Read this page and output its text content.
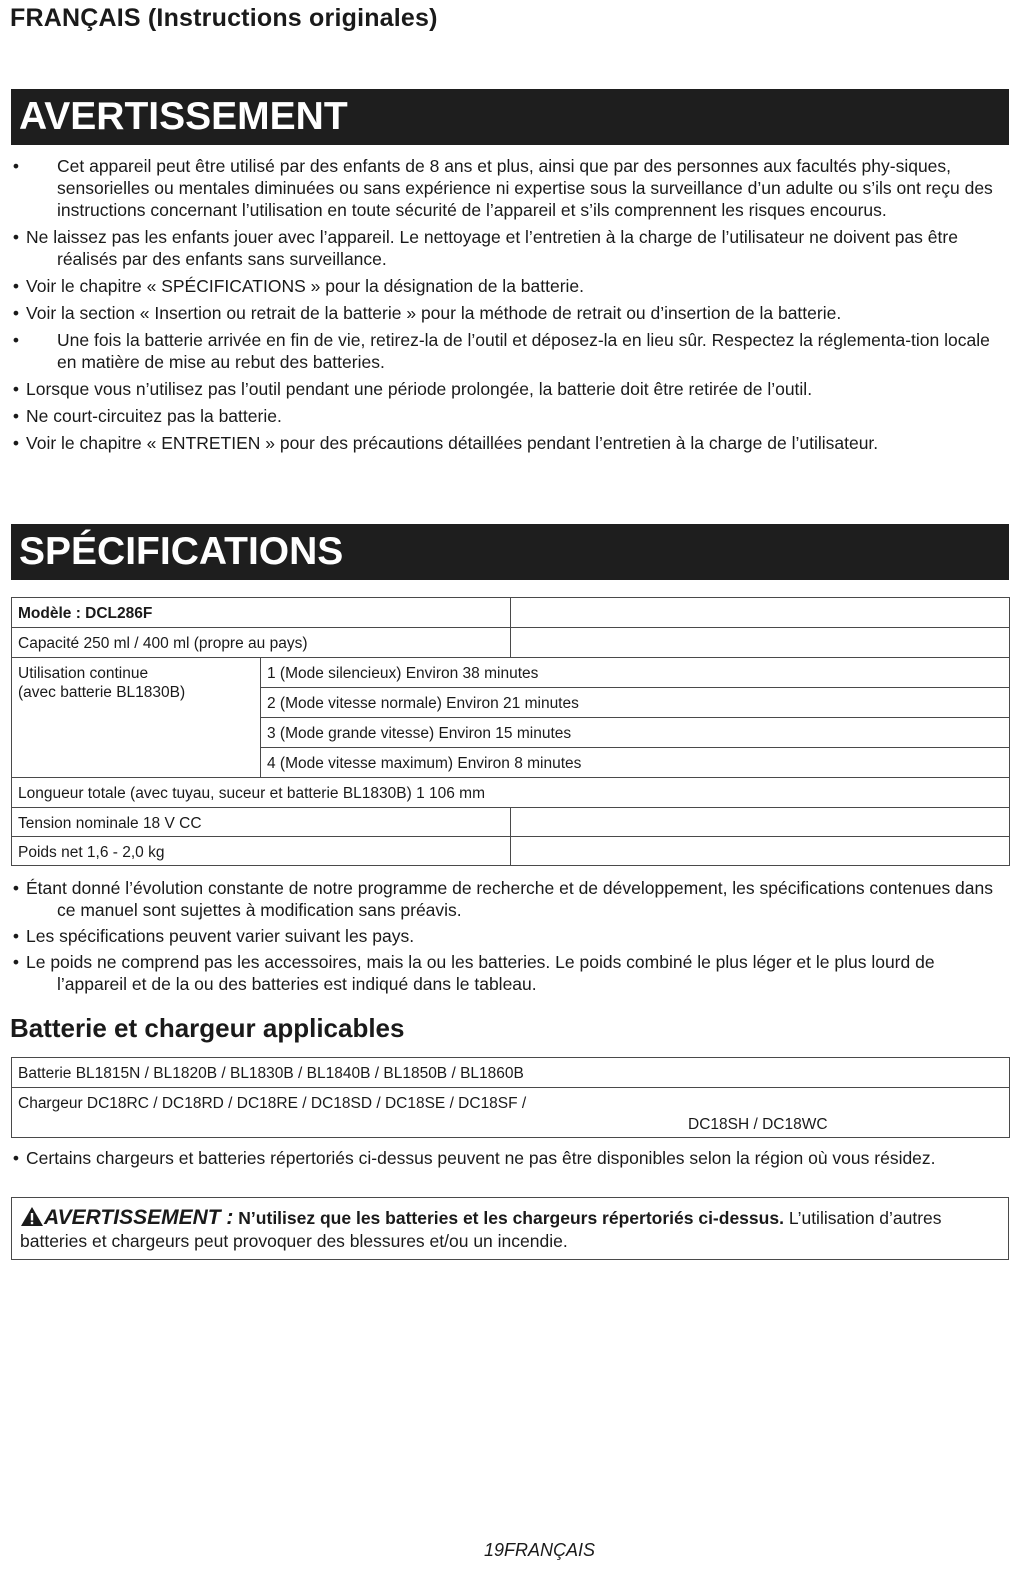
FRANÇAIS (Instructions originales)
AVERTISSEMENT
• Cet appareil peut être utilisé par des enfants de 8 ans et plus, ainsi que par des personnes aux facultés phy-siques, sensorielles ou mentales diminuées ou sans expérience ni expertise sous la surveillance d’un adulte ou s’ils ont reçu des instructions concernant l’utilisation en toute sécurité de l’appareil et s’ils comprennent les risques encourus.
• Ne laissez pas les enfants jouer avec l’appareil. Le nettoyage et l’entretien à la charge de l’utilisateur ne doivent pas être réalisés par des enfants sans surveillance.
• Voir le chapitre « SPÉCIFICATIONS » pour la désignation de la batterie.
• Voir la section « Insertion ou retrait de la batterie » pour la méthode de retrait ou d’insertion de la batterie.
• Une fois la batterie arrivée en fin de vie, retirez-la de l’outil et déposez-la en lieu sûr. Respectez la réglementa-tion locale en matière de mise au rebut des batteries.
• Lorsque vous n’utilisez pas l’outil pendant une période prolongée, la batterie doit être retirée de l’outil.
• Ne court-circuitez pas la batterie.
• Voir le chapitre « ENTRETIEN » pour des précautions détaillées pendant l’entretien à la charge de l’utilisateur.
SPÉCIFICATIONS
Modèle : DCL286F		
Capacité 250 ml / 400 ml (propre au pays)		
Utilisation continue
(avec batterie BL1830B)	1 (Mode silencieux) Environ 38 minutes	
	2 (Mode vitesse normale) Environ 21 minutes	
	3 (Mode grande vitesse) Environ 15 minutes	
	4 (Mode vitesse maximum) Environ 8 minutes	
Longueur totale (avec tuyau, suceur et batterie BL1830B) 1 106 mm		
Tension nominale 18 V CC		
Poids net 1,6 - 2,0 kg		
• Étant donné l’évolution constante de notre programme de recherche et de développement, les spécifications contenues dans ce manuel sont sujettes à modification sans préavis.
• Les spécifications peuvent varier suivant les pays.
• Le poids ne comprend pas les accessoires, mais la ou les batteries. Le poids combiné le plus léger et le plus lourd de l’appareil et de la ou des batteries est indiqué dans le tableau.
Batterie et chargeur applicables
Batterie BL1815N / BL1820B / BL1830B / BL1840B / BL1850B / BL1860B
Chargeur DC18RC / DC18RD / DC18RE / DC18SD / DC18SE / DC18SF /
DC18SH / DC18WC
• Certains chargeurs et batteries répertoriés ci-dessus peuvent ne pas être disponibles selon la région où vous résidez.
AVERTISSEMENT : N’utilisez que les batteries et les chargeurs répertoriés ci-dessus. L’utilisation d’autres batteries et chargeurs peut provoquer des blessures et/ou un incendie.
19FRANÇAIS
